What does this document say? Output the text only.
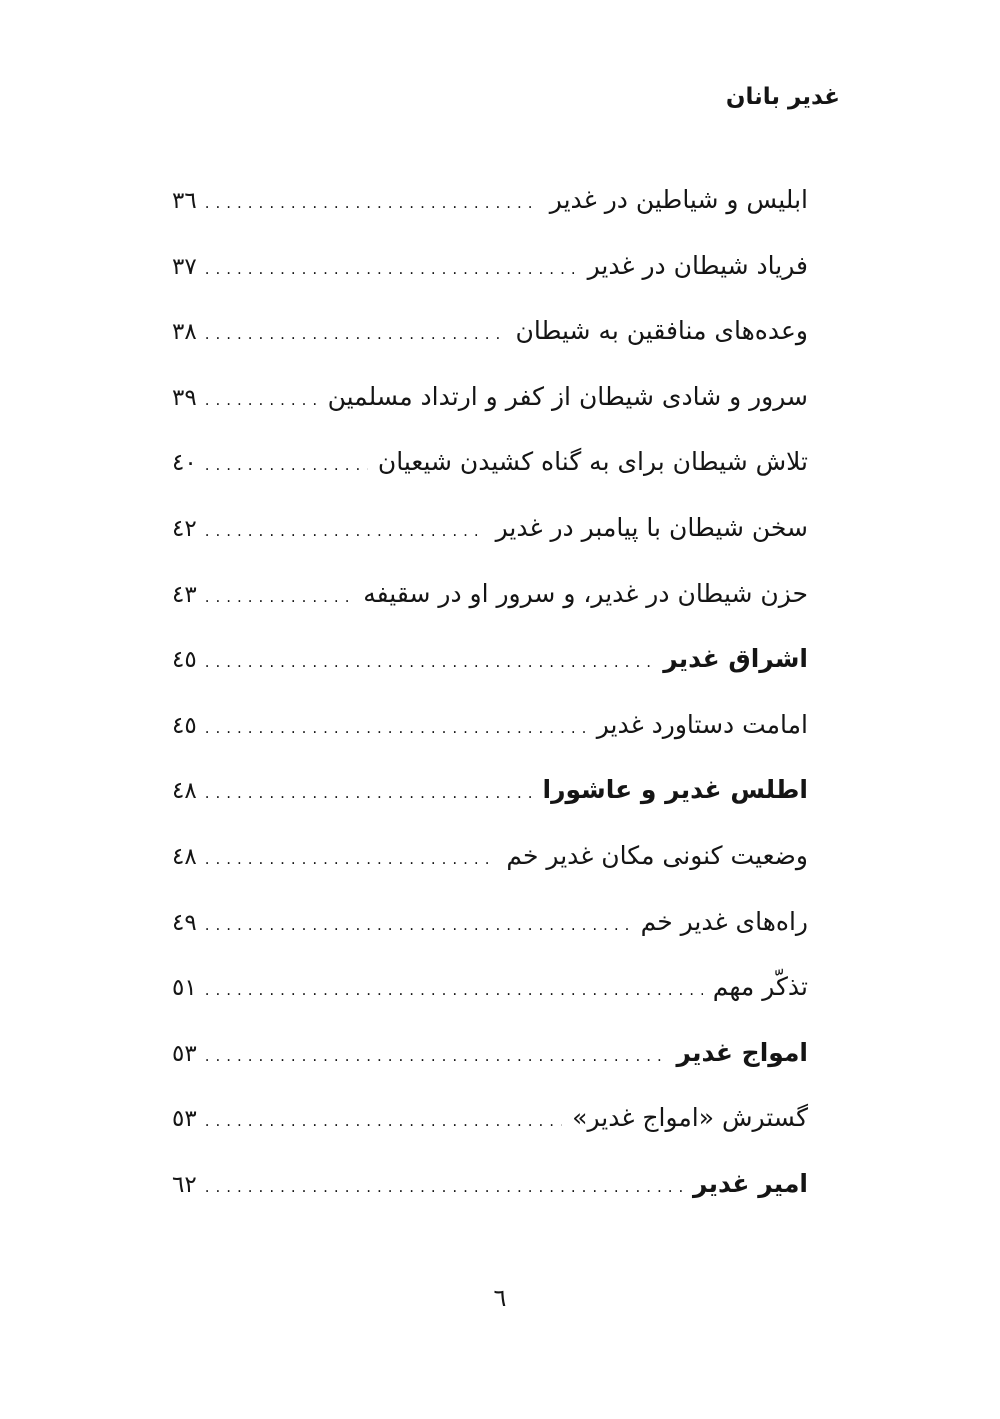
غدیر بانان
ابلیس و شیاطین در غدیر
.....
٣٦
فریاد شیطان در غدیر
.....
٣٧
وعده‌های منافقین به شیطان
.....
٣٨
سرور و شادی شیطان از کفر و ارتداد مسلمین
.....
٣٩
تلاش شیطان برای به گناه کشیدن شیعیان
.....
٤٠
سخن شیطان با پیامبر در غدیر
.....
٤٢
حزن شیطان در غدیر، و سرور او در سقیفه
.....
٤٣
اشراق غدیر
.....
٤٥
امامت دستاورد غدیر
.....
٤٥
اطلس غدیر و عاشورا
.....
٤٨
وضعیت کنونی مکان غدیر خم
.....
٤٨
راه‌های غدیر خم
.....
٤٩
تذکّر مهم
.....
٥١
امواج غدیر
.....
٥٣
گسترش «امواج غدیر»
.....
٥٣
امیر غدیر
.....
٦٢
٦
